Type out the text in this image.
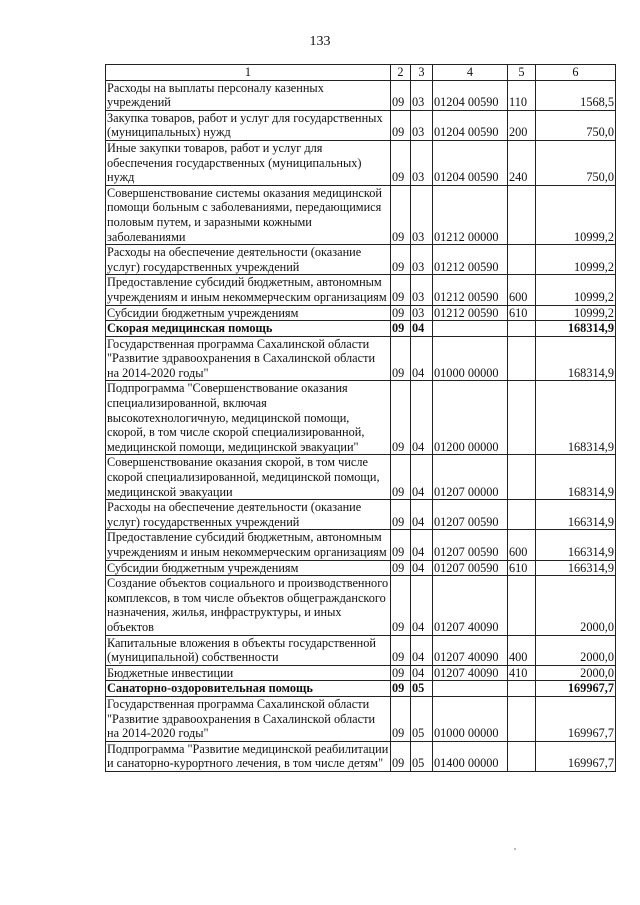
133
1	2	3	4	5	6
Расходы на выплаты персоналу казенных учреждений	09	03	01204 00590	110	1568,5
Закупка товаров, работ и услуг для государственных (муниципальных) нужд	09	03	01204 00590	200	750,0
Иные закупки товаров, работ и услуг для обеспечения государственных (муниципальных) нужд	09	03	01204 00590	240	750,0
Совершенствование системы оказания медицинской помощи больным с заболеваниями, передающимися половым путем, и заразными кожными заболеваниями	09	03	01212 00000		10999,2
Расходы на обеспечение деятельности (оказание услуг) государственных учреждений	09	03	01212 00590		10999,2
Предоставление субсидий бюджетным, автономным учреждениям и иным некоммерческим организациям	09	03	01212 00590	600	10999,2
Субсидии бюджетным учреждениям	09	03	01212 00590	610	10999,2
Скорая медицинская помощь	09	04			168314,9
Государственная программа Сахалинской области "Развитие здравоохранения в Сахалинской области на 2014-2020 годы"	09	04	01000 00000		168314,9
Подпрограмма "Совершенствование оказания специализированной, включая высокотехнологичную, медицинской помощи, скорой, в том числе скорой специализированной, медицинской помощи, медицинской эвакуации"	09	04	01200 00000		168314,9
Совершенствование оказания скорой, в том числе скорой специализированной, медицинской помощи, медицинской эвакуации	09	04	01207 00000		168314,9
Расходы на обеспечение деятельности (оказание услуг) государственных учреждений	09	04	01207 00590		166314,9
Предоставление субсидий бюджетным, автономным учреждениям и иным некоммерческим организациям	09	04	01207 00590	600	166314,9
Субсидии бюджетным учреждениям	09	04	01207 00590	610	166314,9
Создание объектов социального и производственного комплексов, в том числе объектов общегражданского назначения, жилья, инфраструктуры, и иных объектов	09	04	01207 40090		2000,0
Капитальные вложения в объекты государственной (муниципальной) собственности	09	04	01207 40090	400	2000,0
Бюджетные инвестиции	09	04	01207 40090	410	2000,0
Санаторно-оздоровительная помощь	09	05			169967,7
Государственная программа Сахалинской области "Развитие здравоохранения в Сахалинской области на 2014-2020 годы"	09	05	01000 00000		169967,7
Подпрограмма "Развитие медицинской реабилитации и санаторно-курортного лечения, в том числе детям"	09	05	01400 00000		169967,7
